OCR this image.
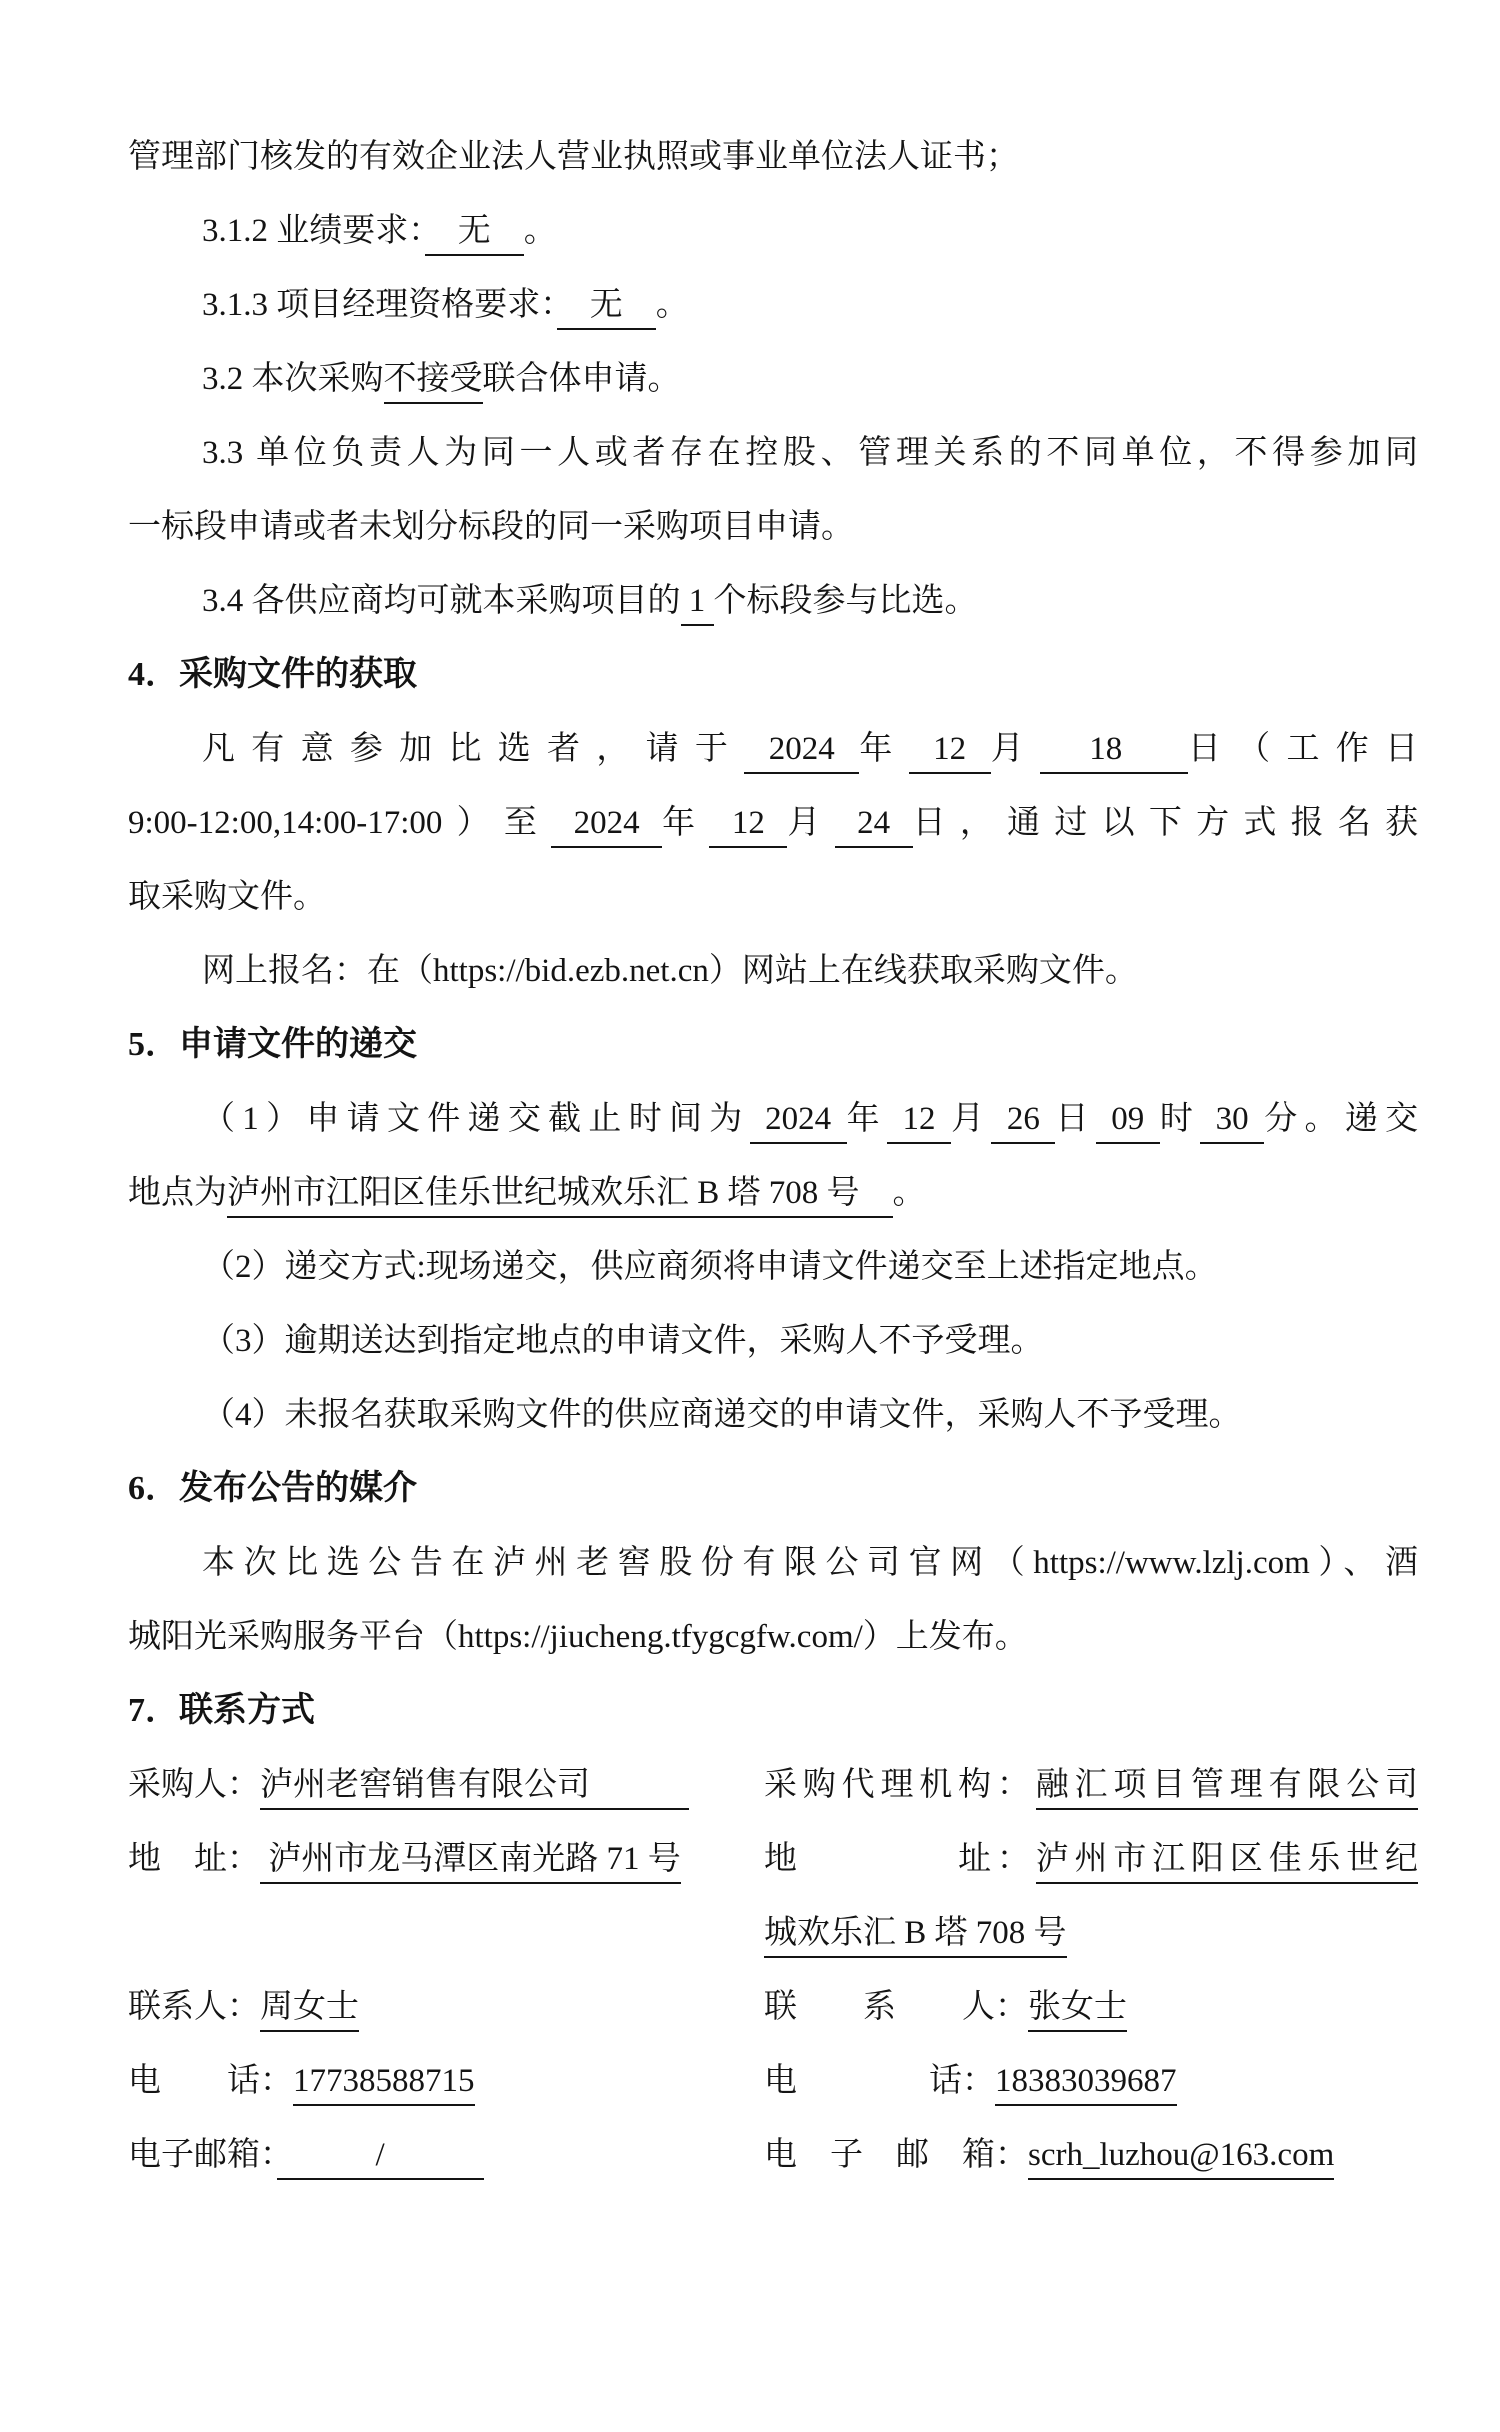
管理部门核发的有效企业法人营业执照或事业单位法人证书；
3.1.2 业绩要求：　无　。
3.1.3 项目经理资格要求：　无　。
3.2 本次采购不接受联合体申请。
3.3 单位负责人为同一人或者存在控股、管理关系的不同单位，不得参加同
一标段申请或者未划分标段的同一采购项目申请。
3.4 各供应商均可就本采购项目的 1 个标段参与比选。
4．采购文件的获取
凡有意参加比选者，请于 2024 年 12 月　18　日（工作日
9:00-12:00,14:00-17:00）至 2024 年 12 月 24 日，通过以下方式报名获
取采购文件。
网上报名：在（https://bid.ezb.net.cn）网站上在线获取采购文件。
5．申请文件的递交
（1）申请文件递交截止时间为 2024 年 12 月 26 日 09 时 30 分。递交
地点为泸州市江阳区佳乐世纪城欢乐汇 B 塔 708 号　。
（2）递交方式:现场递交，供应商须将申请文件递交至上述指定地点。
（3）逾期送达到指定地点的申请文件，采购人不予受理。
（4）未报名获取采购文件的供应商递交的申请文件，采购人不予受理。
6．发布公告的媒介
本次比选公告在泸州老窖股份有限公司官网（https://www.lzlj.com）、酒
城阳光采购服务平台（https://jiucheng.tfygcgfw.com/）上发布。
7．联系方式
采购人：泸州老窖销售有限公司　　　	采购代理机构：融汇项目管理有限公司
地　址： 泸州市龙马潭区南光路 71 号	地　　　　址：泸州市江阳区佳乐世纪
城欢乐汇 B 塔 708 号
联系人：周女士	联　　系　　人：张女士
电　　话：17738588715	电　　　　话：18383039687
电子邮箱：　　　/　　　	电　子　邮　箱：scrh_luzhou@163.com
